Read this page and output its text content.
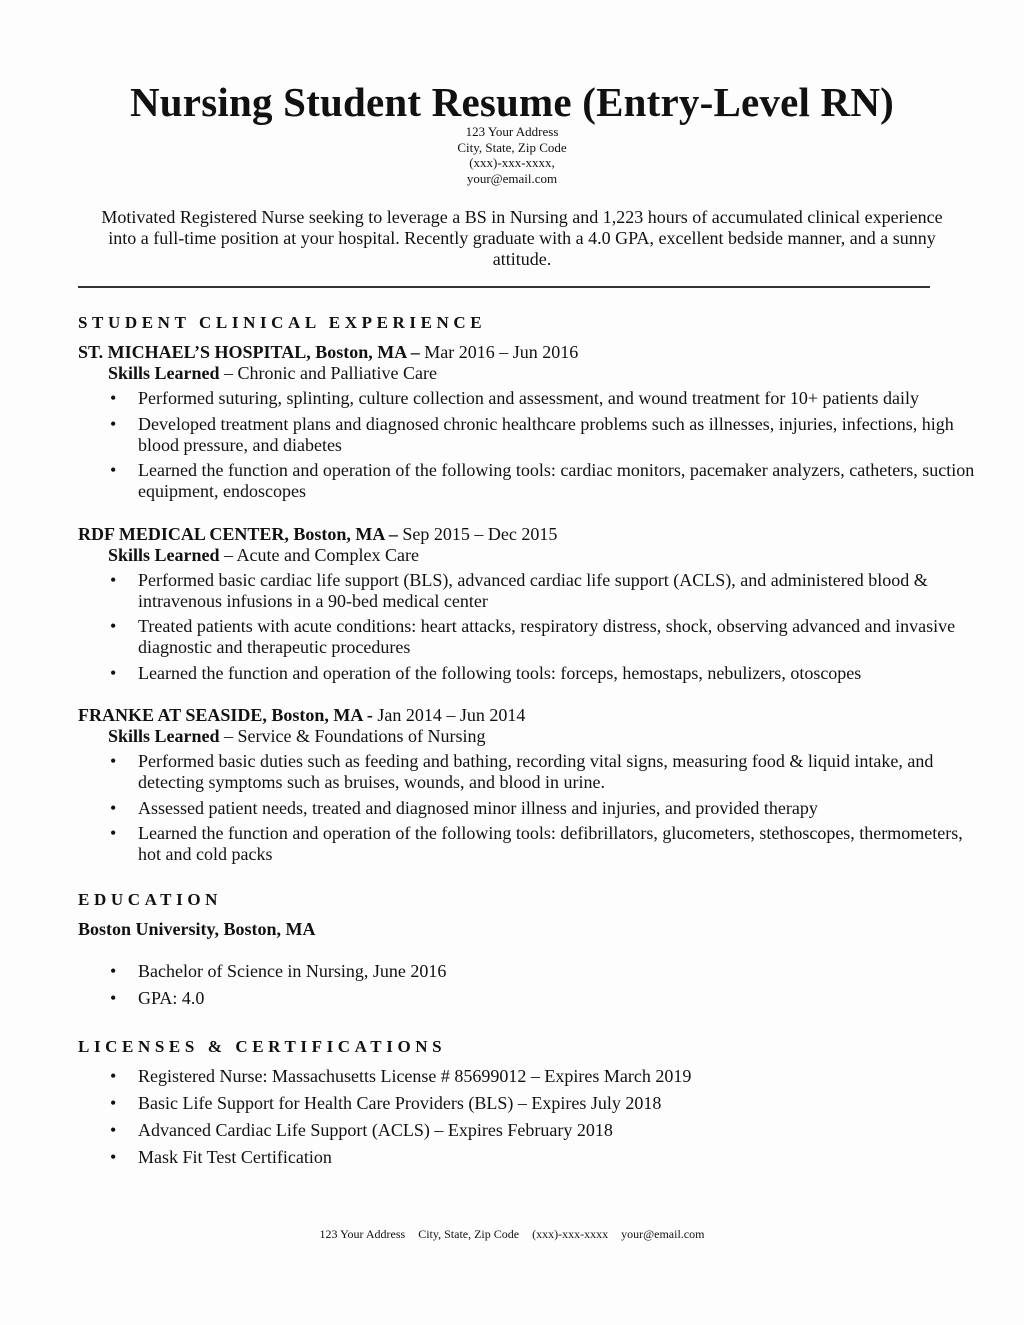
Nursing Student Resume (Entry-Level RN)
123 Your Address
City, State, Zip Code
(xxx)-xxx-xxxx,
your@email.com
Motivated Registered Nurse seeking to leverage a BS in Nursing and 1,223 hours of accumulated clinical experience into a full-time position at your hospital. Recently graduate with a 4.0 GPA, excellent bedside manner, and a sunny attitude.
STUDENT CLINICAL EXPERIENCE
ST. MICHAEL’S HOSPITAL, Boston, MA – Mar 2016 – Jun 2016
Skills Learned – Chronic and Palliative Care
• Performed suturing, splinting, culture collection and assessment, and wound treatment for 10+ patients daily
• Developed treatment plans and diagnosed chronic healthcare problems such as illnesses, injuries, infections, high blood pressure, and diabetes
• Learned the function and operation of the following tools: cardiac monitors, pacemaker analyzers, catheters, suction equipment, endoscopes
RDF MEDICAL CENTER, Boston, MA – Sep 2015 – Dec 2015
Skills Learned – Acute and Complex Care
• Performed basic cardiac life support (BLS), advanced cardiac life support (ACLS), and administered blood & intravenous infusions in a 90-bed medical center
• Treated patients with acute conditions: heart attacks, respiratory distress, shock, observing advanced and invasive diagnostic and therapeutic procedures
• Learned the function and operation of the following tools: forceps, hemostaps, nebulizers, otoscopes
FRANKE AT SEASIDE, Boston, MA - Jan 2014 – Jun 2014
Skills Learned – Service & Foundations of Nursing
• Performed basic duties such as feeding and bathing, recording vital signs, measuring food & liquid intake, and detecting symptoms such as bruises, wounds, and blood in urine.
• Assessed patient needs, treated and diagnosed minor illness and injuries, and provided therapy
• Learned the function and operation of the following tools: defibrillators, glucometers, stethoscopes, thermometers, hot and cold packs
EDUCATION
Boston University, Boston, MA
• Bachelor of Science in Nursing, June 2016
• GPA: 4.0
LICENSES & CERTIFICATIONS
• Registered Nurse: Massachusetts License # 85699012 – Expires March 2019
• Basic Life Support for Health Care Providers (BLS) – Expires July 2018
• Advanced Cardiac Life Support (ACLS) – Expires February 2018
• Mask Fit Test Certification
123 Your Address City, State, Zip Code (xxx)-xxx-xxxx your@email.com
